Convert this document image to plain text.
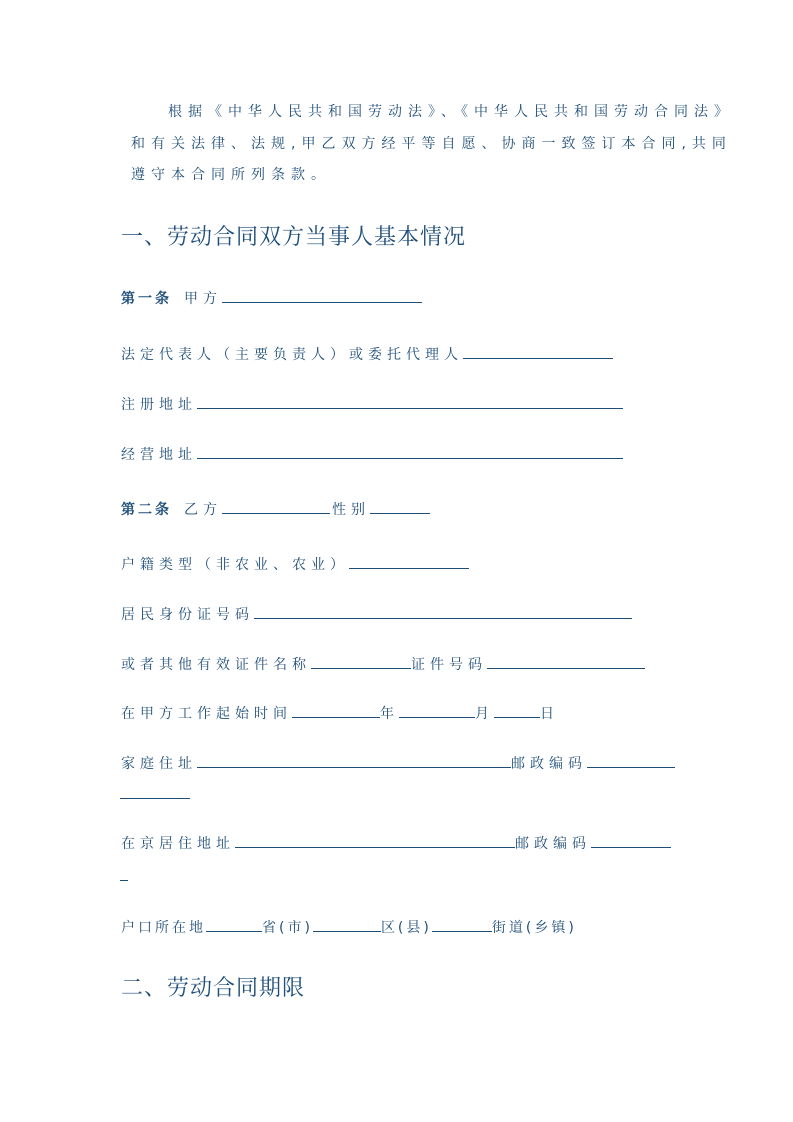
根据《中华人民共和国劳动法》、《中华人民共和国劳动合同法》
和有关法律、法规,甲乙双方经平等自愿、协商一致签订本合同,共同
遵守本合同所列条款。
一、劳动合同双方当事人基本情况
第一条 甲方
法定代表人（主要负责人）或委托代理人
注册地址
经营地址
第二条 乙方	性别
户籍类型（非农业、农业）
居民身份证号码
或者其他有效证件名称	证件号码
在甲方工作起始时间	年	月	日
家庭住址	邮政编码
在京居住地址	邮政编码
户口所在地	省(市)	区(县)	街道(乡镇)
二、劳动合同期限
